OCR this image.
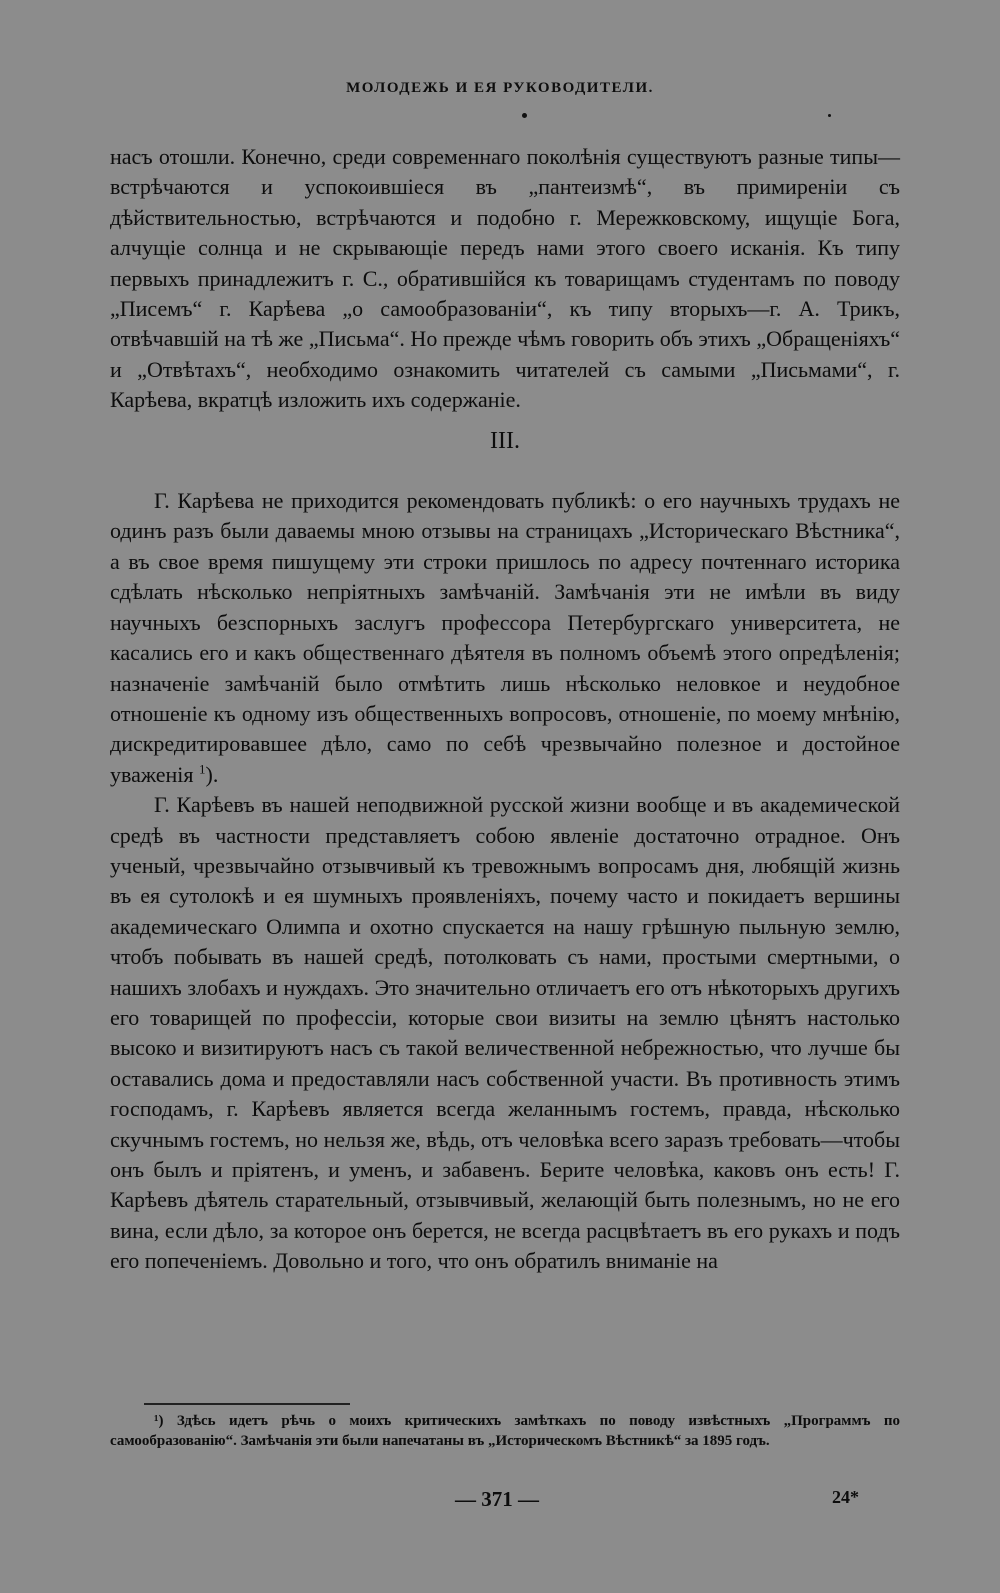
МОЛОДЕЖЬ И ЕЯ РУКОВОДИТЕЛИ.

насъ отошли. Конечно, среди современнаго поколѣнія существуютъ разные типы—встрѣчаются и успокоившіеся въ „пантеизмѣ“, въ примиреніи съ дѣйствительностью, встрѣчаются и подобно г. Мережковскому, ищущіе Бога, алчущіе солнца и не скрывающіе передъ нами этого своего исканія. Къ типу первыхъ принадлежитъ г. С., обратившійся къ товарищамъ студентамъ по поводу „Писемъ“ г. Карѣева „о самообразованіи“, къ типу вторыхъ—г. А. Трикъ, отвѣчавшій на тѣ же „Письма“. Но прежде чѣмъ говорить объ этихъ „Обращеніяхъ“ и „Отвѣтахъ“, необходимо ознакомить читателей съ самыми „Письмами“, г. Карѣева, вкратцѣ изложить ихъ содержаніе.

III.

Г. Карѣева не приходится рекомендовать публикѣ: о его научныхъ трудахъ не одинъ разъ были даваемы мною отзывы на страницахъ „Историческаго Вѣстника“, а въ свое время пишущему эти строки пришлось по адресу почтеннаго историка сдѣлать нѣсколько непріятныхъ замѣчаній. Замѣчанія эти не имѣли въ виду научныхъ безспорныхъ заслугъ профессора Петербургскаго университета, не касались его и какъ общественнаго дѣятеля въ полномъ объемѣ этого опредѣленія; назначеніе замѣчаній было отмѣтить лишь нѣсколько неловкое и неудобное отношеніе къ одному изъ общественныхъ вопросовъ, отношеніе, по моему мнѣнію, дискредитировавшее дѣло, само по себѣ чрезвычайно полезное и достойное уваженія $^1$).

Г. Карѣевъ въ нашей неподвижной русской жизни вообще и въ академической средѣ въ частности представляетъ собою явленіе достаточно отрадное. Онъ ученый, чрезвычайно отзывчивый къ тревожнымъ вопросамъ дня, любящій жизнь въ ея сутолокѣ и ея шумныхъ проявленіяхъ, почему часто и покидаетъ вершины академическаго Олимпа и охотно спускается на нашу грѣшную пыльную землю, чтобъ побывать въ нашей средѣ, потолковать съ нами, простыми смертными, о нашихъ злобахъ и нуждахъ. Это значительно отличаетъ его отъ нѣкоторыхъ другихъ его товарищей по профессіи, которые свои визиты на землю цѣнятъ настолько высоко и визитируютъ насъ съ такой величественной небрежностью, что лучше бы оставались дома и предоставляли насъ собственной участи. Въ противность этимъ господамъ, г. Карѣевъ является всегда желаннымъ гостемъ, правда, нѣсколько скучнымъ гостемъ, но нельзя же, вѣдь, отъ человѣка всего заразъ требовать—чтобы онъ былъ и пріятенъ, и уменъ, и забавенъ. Берите человѣка, каковъ онъ есть! Г. Карѣевъ дѣятель старательный, отзывчивый, желающій быть полезнымъ, но не его вина, если дѣло, за которое онъ берется, не всегда расцвѣтаетъ въ его рукахъ и подъ его попеченіемъ. Довольно и того, что онъ обратилъ вниманіе на

¹) Здѣсь идетъ рѣчь о моихъ критическихъ замѣткахъ по поводу извѣстныхъ „Программъ по самообразованію“. Замѣчанія эти были напечатаны въ „Историческомъ Вѣстникѣ“ за 1895 годъ.

— 371 —	24*
